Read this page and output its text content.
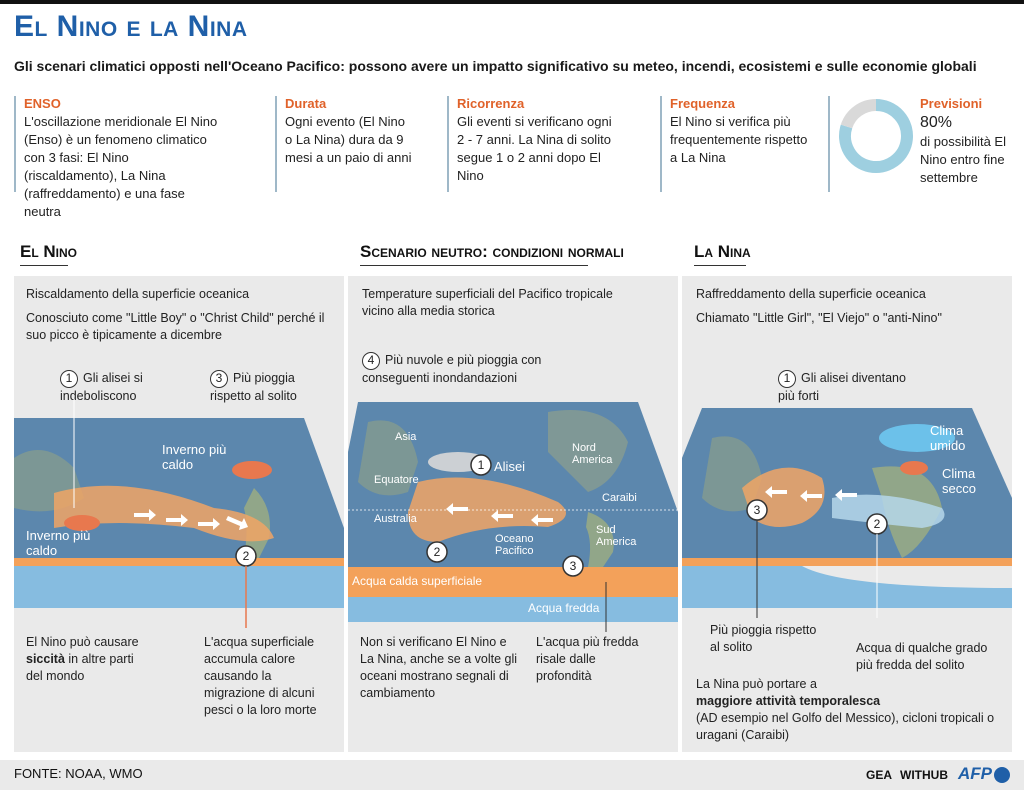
El Nino e la Nina
Gli scenari climatici opposti nell'Oceano Pacifico: possono avere un impatto significativo su meteo, incendi, ecosistemi e sulle economie globali
ENSO
L'oscillazione meridionale El Nino (Enso) è un fenomeno climatico con 3 fasi: El Nino (riscaldamento), La Nina (raffreddamento) e una fase neutra
Durata
Ogni evento (El Nino o La Nina) dura da 9 mesi a un paio di anni
Ricorrenza
Gli eventi si verificano ogni 2 - 7 anni. La Nina di solito segue 1 o 2 anni dopo El Nino
Frequenza
El Nino si verifica più frequentemente rispetto a La Nina
Previsioni
80%
di possibilità El Nino entro fine settembre
El Nino	Scenario neutro: condizioni normali	La Nina
Riscaldamento della superficie oceanica
Conosciuto come "Little Boy" o "Christ Child" perché il suo picco è tipicamente a dicembre
1 Gli alisei si indeboliscono
3 Più pioggia rispetto al solito
Temperature superficiali del Pacifico tropicale vicino alla media storica
4 Più nuvole e più pioggia con conseguenti inondandazioni
Raffreddamento della superficie oceanica
Chiamato "Little Girl", "El Viejo" o "anti-Nino"
1 Gli alisei diventano più forti
2
Inverno più caldo
Inverno più caldo
El Nino può causare siccità in altre parti del mondo
L'acqua superficiale accumula calore causando la migrazione di alcuni pesci o la loro morte
2
1
3
Asia
Nord America
Alisei
Equatore
Caraibi
Australia
Oceano Pacifico
Sud America
Acqua calda superficiale
Acqua fredda
Non si verificano El Nino e La Nina, anche se a volte gli oceani mostrano segnali di cambiamento
L'acqua più fredda risale dalle profondità
3
2
Clima umido
Clima secco
Più pioggia rispetto al solito	Acqua di qualche grado più fredda del solito
La Nina può portare a
maggiore attività temporalesca
(AD esempio nel Golfo del Messico), cicloni tropicali o uragani (Caraibi)
FONTE: NOAA, WMO	GEA WITHUB AFP
